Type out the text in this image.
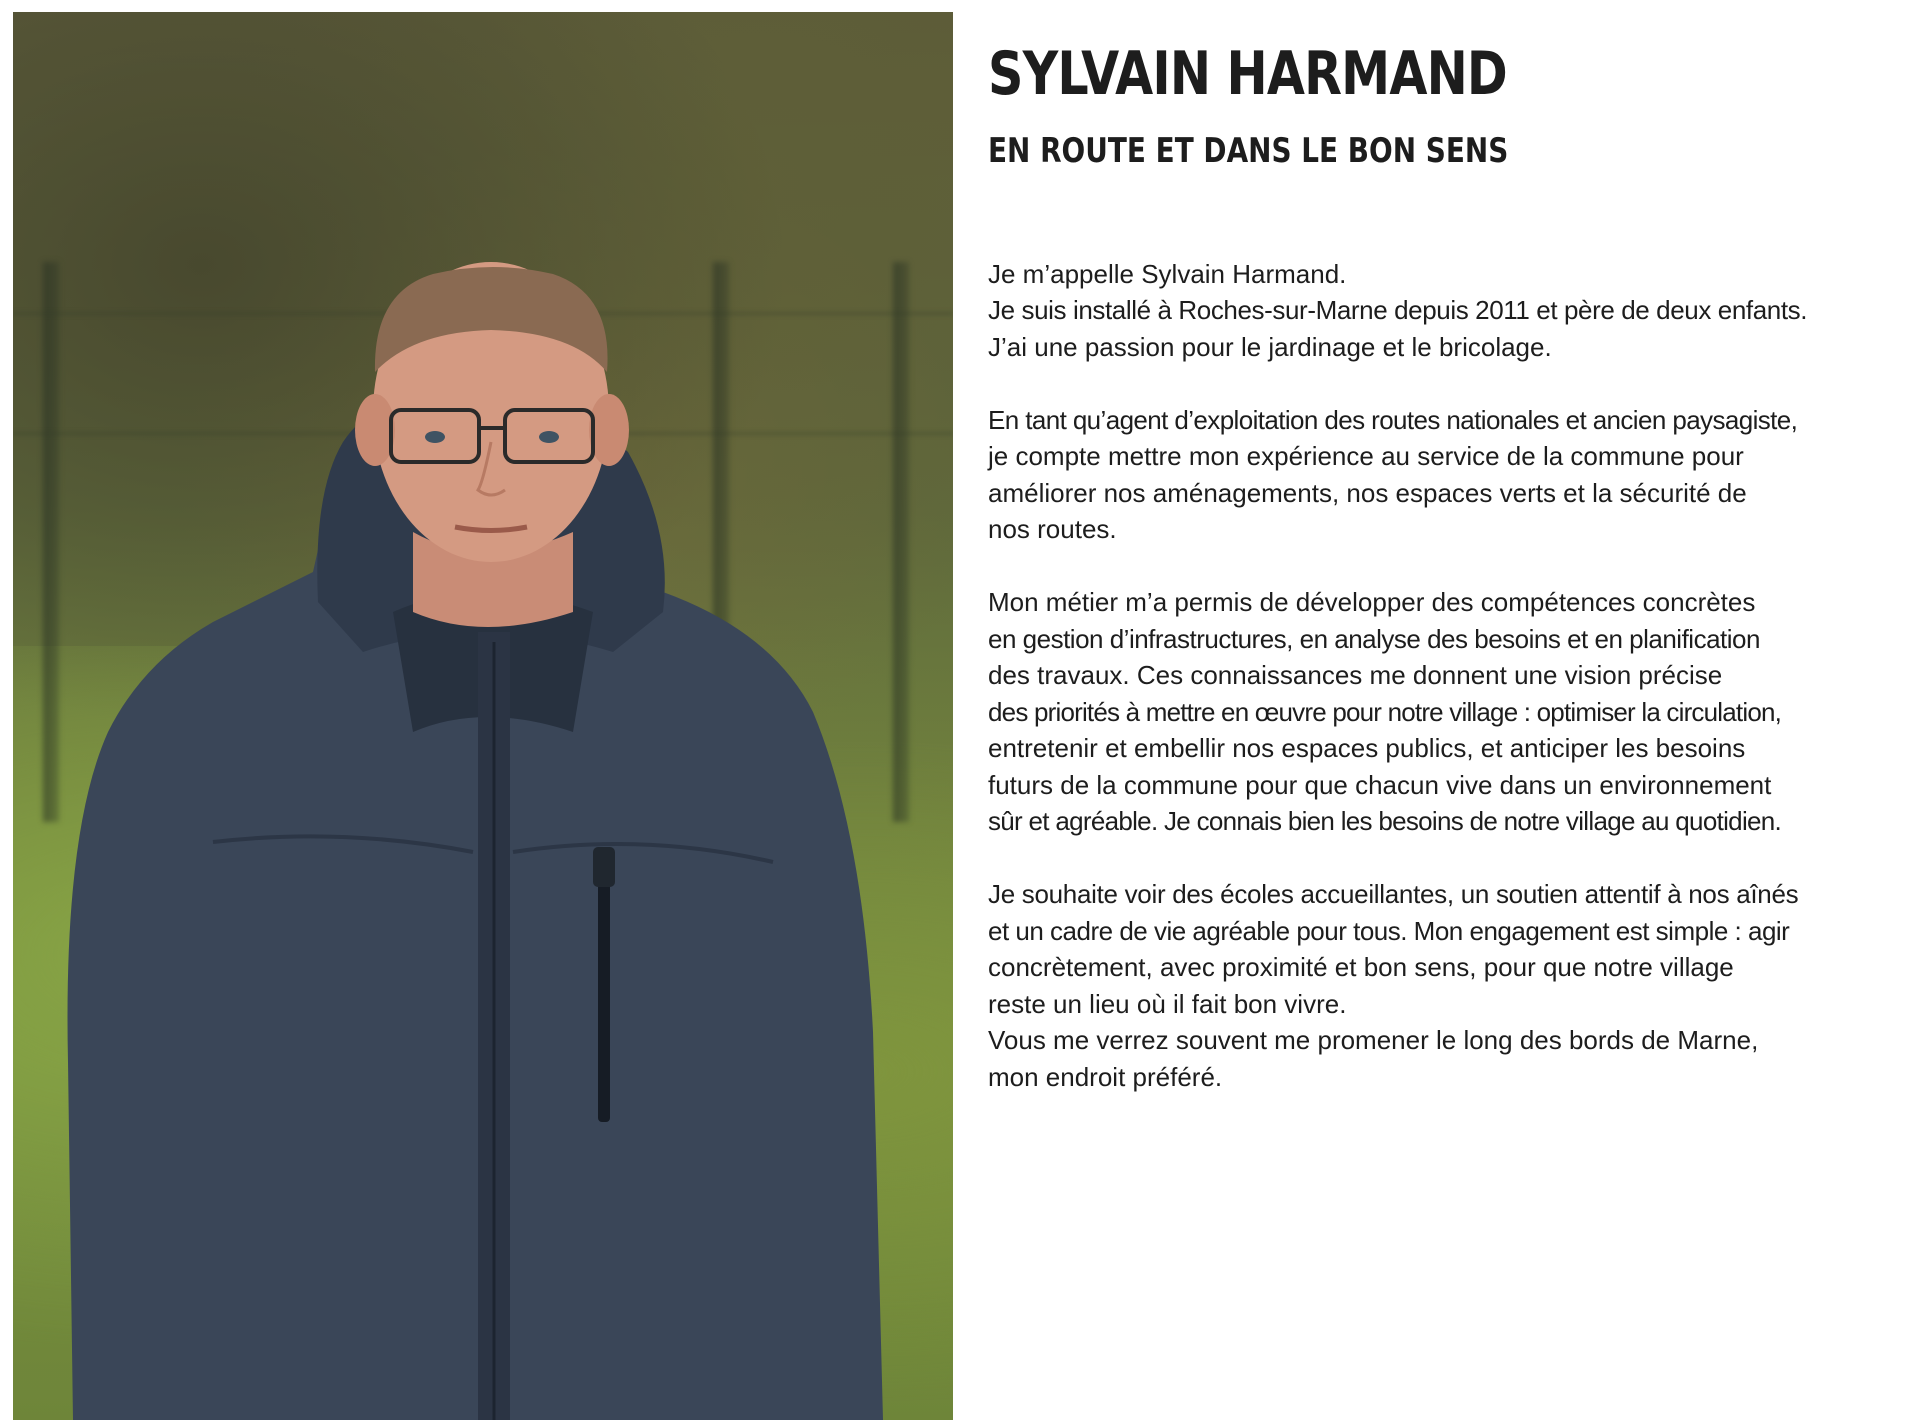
SYLVAIN HARMAND
EN ROUTE ET DANS LE BON SENS

Je m’appelle Sylvain Harmand.
Je suis installé à Roches-sur-Marne depuis 2011 et père de deux enfants.
J’ai une passion pour le jardinage et le bricolage.

En tant qu’agent d’exploitation des routes nationales et ancien paysagiste,
je compte mettre mon expérience au service de la commune pour
améliorer nos aménagements, nos espaces verts et la sécurité de
nos routes.

Mon métier m’a permis de développer des compétences concrètes
en gestion d’infrastructures, en analyse des besoins et en planification
des travaux. Ces connaissances me donnent une vision précise
des priorités à mettre en œuvre pour notre village : optimiser la circulation,
entretenir et embellir nos espaces publics, et anticiper les besoins
futurs de la commune pour que chacun vive dans un environnement
sûr et agréable. Je connais bien les besoins de notre village au quotidien.

Je souhaite voir des écoles accueillantes, un soutien attentif à nos aînés
et un cadre de vie agréable pour tous. Mon engagement est simple : agir
concrètement, avec proximité et bon sens, pour que notre village
reste un lieu où il fait bon vivre.
Vous me verrez souvent me promener le long des bords de Marne,
mon endroit préféré.
